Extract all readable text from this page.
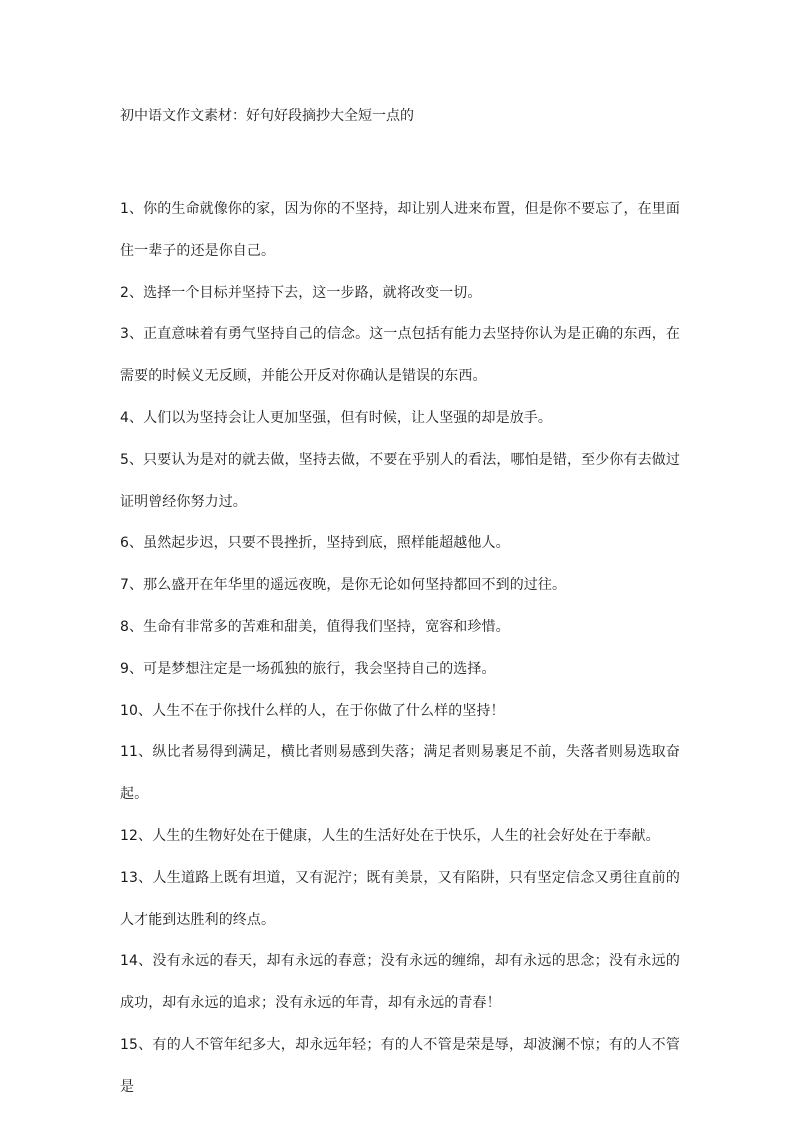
初中语文作文素材：好句好段摘抄大全短一点的

1、你的生命就像你的家，因为你的不坚持，却让别人进来布置，但是你不要忘了，在里面住一辈子的还是你自己。

2、选择一个目标并坚持下去，这一步路，就将改变一切。

3、正直意味着有勇气坚持自己的信念。这一点包括有能力去坚持你认为是正确的东西，在需要的时候义无反顾，并能公开反对你确认是错误的东西。

4、人们以为坚持会让人更加坚强，但有时候，让人坚强的却是放手。

5、只要认为是对的就去做，坚持去做，不要在乎别人的看法，哪怕是错，至少你有去做过证明曾经你努力过。

6、虽然起步迟，只要不畏挫折，坚持到底，照样能超越他人。

7、那么盛开在年华里的遥远夜晚，是你无论如何坚持都回不到的过往。

8、生命有非常多的苦难和甜美，值得我们坚持，宽容和珍惜。

9、可是梦想注定是一场孤独的旅行，我会坚持自己的选择。

10、人生不在于你找什么样的人，在于你做了什么样的坚持！

11、纵比者易得到满足，横比者则易感到失落；满足者则易裹足不前，失落者则易选取奋起。

12、人生的生物好处在于健康，人生的生活好处在于快乐，人生的社会好处在于奉献。

13、人生道路上既有坦道，又有泥泞；既有美景，又有陷阱，只有坚定信念又勇往直前的人才能到达胜利的终点。

14、没有永远的春天，却有永远的春意；没有永远的缠绵，却有永远的思念；没有永远的成功，却有永远的追求；没有永远的年青，却有永远的青春！

15、有的人不管年纪多大，却永远年轻；有的人不管是荣是辱，却波澜不惊；有的人不管是
